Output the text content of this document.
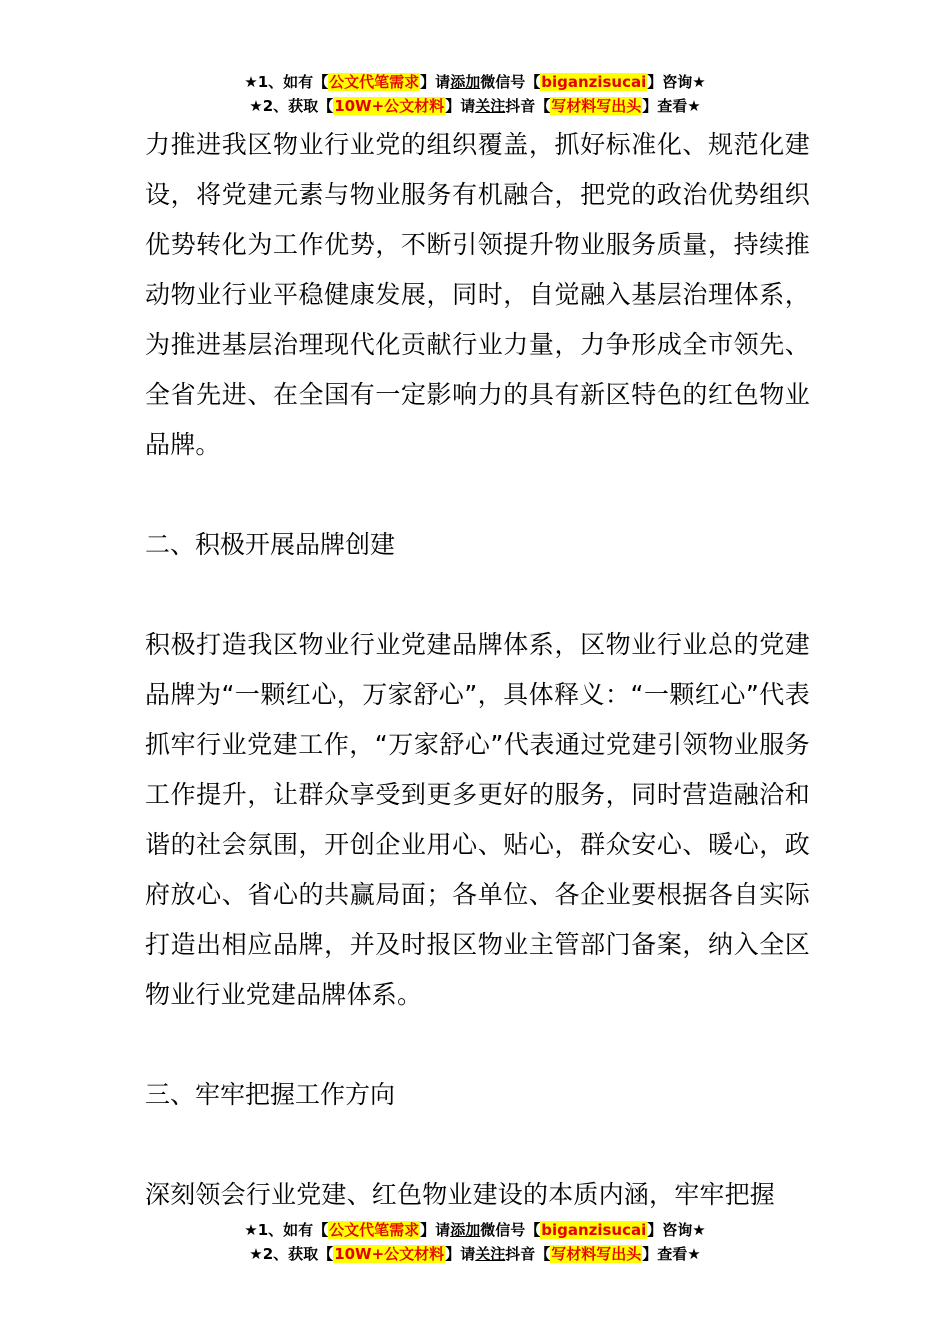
★1、如有【公文代笔需求】请添加微信号【biganzisucai】咨询★
★2、获取【10W+公文材料】请关注抖音【写材料写出头】查看★

力推进我区物业行业党的组织覆盖，抓好标准化、规范化建设，将党建元素与物业服务有机融合，把党的政治优势组织优势转化为工作优势，不断引领提升物业服务质量，持续推动物业行业平稳健康发展，同时，自觉融入基层治理体系，为推进基层治理现代化贡献行业力量，力争形成全市领先、全省先进、在全国有一定影响力的具有新区特色的红色物业品牌。

二、积极开展品牌创建

积极打造我区物业行业党建品牌体系，区物业行业总的党建品牌为“一颗红心，万家舒心”，具体释义：“一颗红心”代表抓牢行业党建工作，“万家舒心”代表通过党建引领物业服务工作提升，让群众享受到更多更好的服务，同时营造融洽和谐的社会氛围，开创企业用心、贴心，群众安心、暖心，政府放心、省心的共赢局面；各单位、各企业要根据各自实际打造出相应品牌，并及时报区物业主管部门备案，纳入全区物业行业党建品牌体系。

三、牢牢把握工作方向

深刻领会行业党建、红色物业建设的本质内涵，牢牢把握

★1、如有【公文代笔需求】请添加微信号【biganzisucai】咨询★
★2、获取【10W+公文材料】请关注抖音【写材料写出头】查看★
